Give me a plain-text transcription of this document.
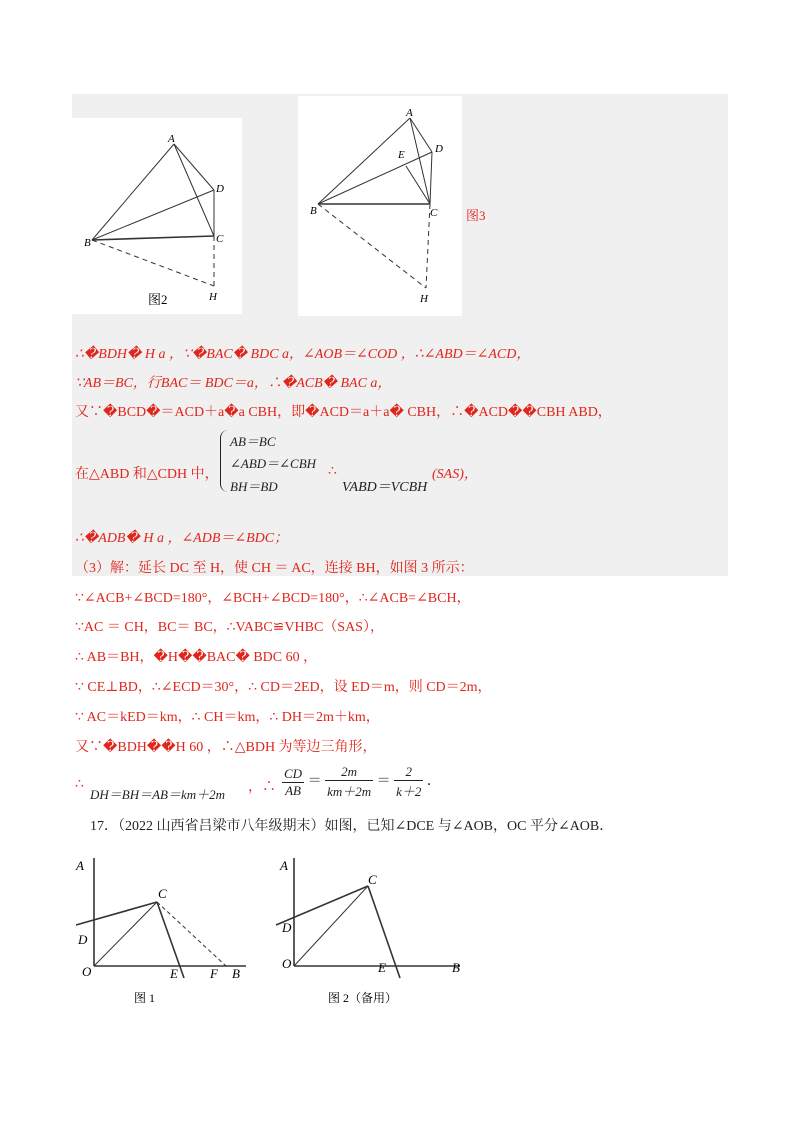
A
B	C
D
H
图2
A
E	D
B	C
H
图3
∴�BDH� H a ，∵�BAC� BDC a，∠AOB＝∠COD ，∴∠ABD＝∠ACD，
∵AB＝BC，行BAC＝ BDC＝a，∴�ACB� BAC a，
又∵�BCD�＝ACD＋a�a CBH，即�ACD＝a＋a� CBH，∴�ACD��CBH ABD，
在△ABD 和△CDH 中，
AB＝BC
∠ABD＝∠CBH
BH＝BD
∴
VABD＝VCBH
(SAS)，
∴�ADB� H a ，∠ADB＝∠BDC；
（3）解：延长 DC 至 H，使 CH ＝ AC，连接 BH，如图 3 所示：
∵∠ACB+∠BCD=180°，∠BCH+∠BCD=180°，∴∠ACB=∠BCH，
∵AC ＝ CH，BC＝ BC，∴VABC≌VHBC（SAS），
∴ AB＝BH，�H��BAC� BDC 60 ，
∵ CE⊥BD，∴∠ECD＝30°，∴ CD＝2ED，设 ED＝m，则 CD＝2m，
∵ AC＝kED＝km，∴ CH＝km，∴ DH＝2m＋km，
又∵�BDH��H 60 ，∴△BDH 为等边三角形，
∴
DH＝BH＝AB＝km＋2m ，∴ $\frac{CD}{AB} = \frac{2m}{km+2m} = \frac{2}{k+2}$ ．
17．（2022 山西省吕梁市八年级期末）如图，已知∠DCE 与∠AOB，OC 平分∠AOB．
A
C
D
O	E F B
图 1
A
C
D
O	E	B
图 2（备用）
